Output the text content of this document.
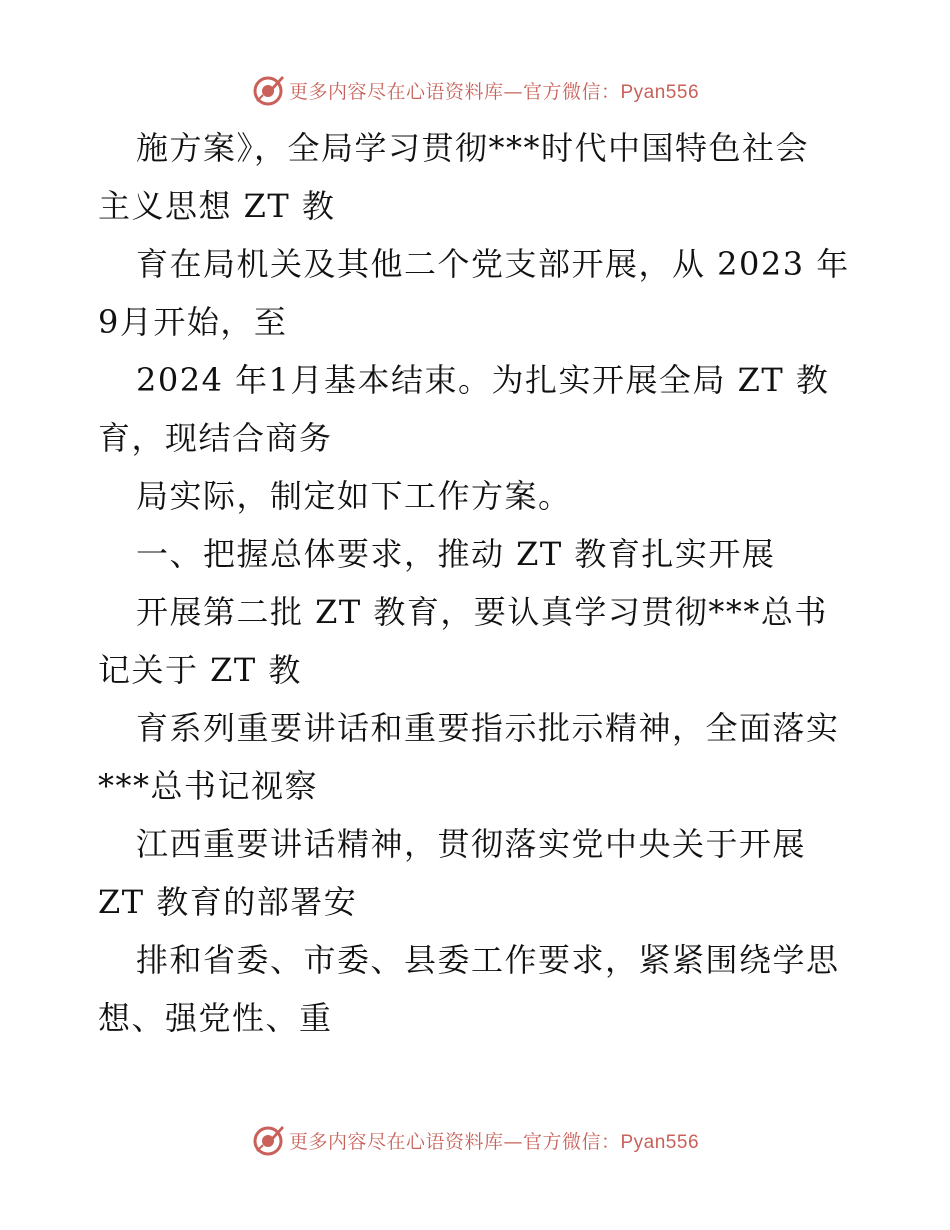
更多内容尽在心语资料库—官方微信：Pyan556
施方案》，全局学习贯彻***时代中国特色社会
主义思想 ZT 教
育在局机关及其他二个党支部开展，从 2023 年
9月开始，至
2024 年1月基本结束。为扎实开展全局 ZT 教
育，现结合商务
局实际，制定如下工作方案。
一、把握总体要求，推动 ZT 教育扎实开展
开展第二批 ZT 教育，要认真学习贯彻***总书
记关于 ZT 教
育系列重要讲话和重要指示批示精神，全面落实
***总书记视察
江西重要讲话精神，贯彻落实党中央关于开展
ZT 教育的部署安
排和省委、市委、县委工作要求，紧紧围绕学思
想、强党性、重
更多内容尽在心语资料库—官方微信：Pyan556
